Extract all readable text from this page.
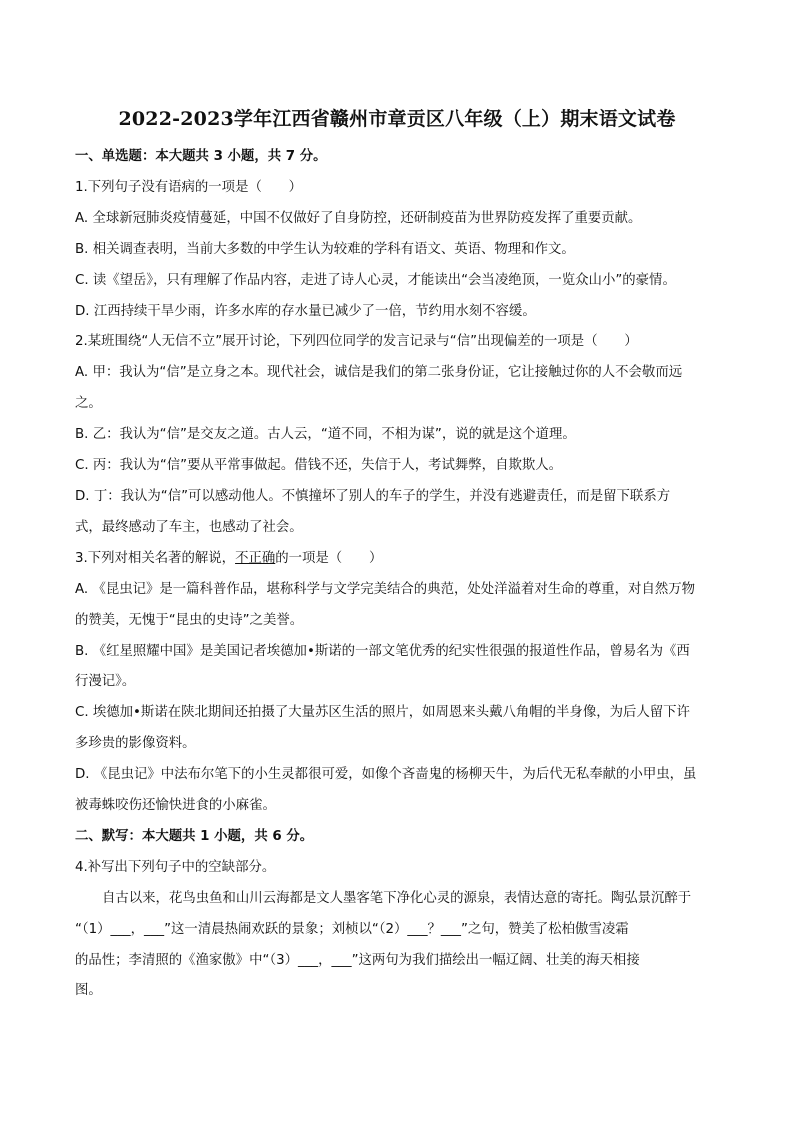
2022-2023学年江西省赣州市章贡区八年级（上）期末语文试卷
一、单选题：本大题共 3 小题，共 7 分。
1.下列句子没有语病的一项是（　　）
A. 全球新冠肺炎疫情蔓延，中国不仅做好了自身防控，还研制疫苗为世界防疫发挥了重要贡献。
B. 相关调查表明，当前大多数的中学生认为较难的学科有语文、英语、物理和作文。
C. 读《望岳》，只有理解了作品内容，走进了诗人心灵，才能读出“会当凌绝顶，一览众山小”的豪情。
D. 江西持续干旱少雨，许多水库的存水量已减少了一倍，节约用水刻不容缓。
2.某班围绕“人无信不立”展开讨论，下列四位同学的发言记录与“信”出现偏差的一项是（　　）
A. 甲：我认为“信”是立身之本。现代社会，诚信是我们的第二张身份证，它让接触过你的人不会敬而远
之。
B. 乙：我认为“信”是交友之道。古人云，“道不同，不相为谋”，说的就是这个道理。
C. 丙：我认为“信”要从平常事做起。借钱不还，失信于人，考试舞弊，自欺欺人。
D. 丁：我认为“信”可以感动他人。不慎撞坏了别人的车子的学生，并没有逃避责任，而是留下联系方
式，最终感动了车主，也感动了社会。
3.下列对相关名著的解说，不正确的一项是（　　）
A. 《昆虫记》是一篇科普作品，堪称科学与文学完美结合的典范，处处洋溢着对生命的尊重，对自然万物
的赞美，无愧于“昆虫的史诗”之美誉。
B. 《红星照耀中国》是美国记者埃德加•斯诺的一部文笔优秀的纪实性很强的报道性作品，曾易名为《西
行漫记》。
C. 埃德加•斯诺在陕北期间还拍摄了大量苏区生活的照片，如周恩来头戴八角帽的半身像，为后人留下许
多珍贵的影像资料。
D. 《昆虫记》中法布尔笔下的小生灵都很可爱，如像个吝啬鬼的杨柳天牛，为后代无私奉献的小甲虫，虽
被毒蛛咬伤还愉快进食的小麻雀。
二、默写：本大题共 1 小题，共 6 分。
4.补写出下列句子中的空缺部分。
自古以来，花鸟虫鱼和山川云海都是文人墨客笔下净化心灵的源泉，表情达意的寄托。陶弘景沉醉于
“（1）___，___”这一清晨热闹欢跃的景象；刘桢以“（2）___？___”之句，赞美了松柏傲雪凌霜
的品性；李清照的《渔家傲》中“（3）___，___”这两句为我们描绘出一幅辽阔、壮美的海天相接
图。
